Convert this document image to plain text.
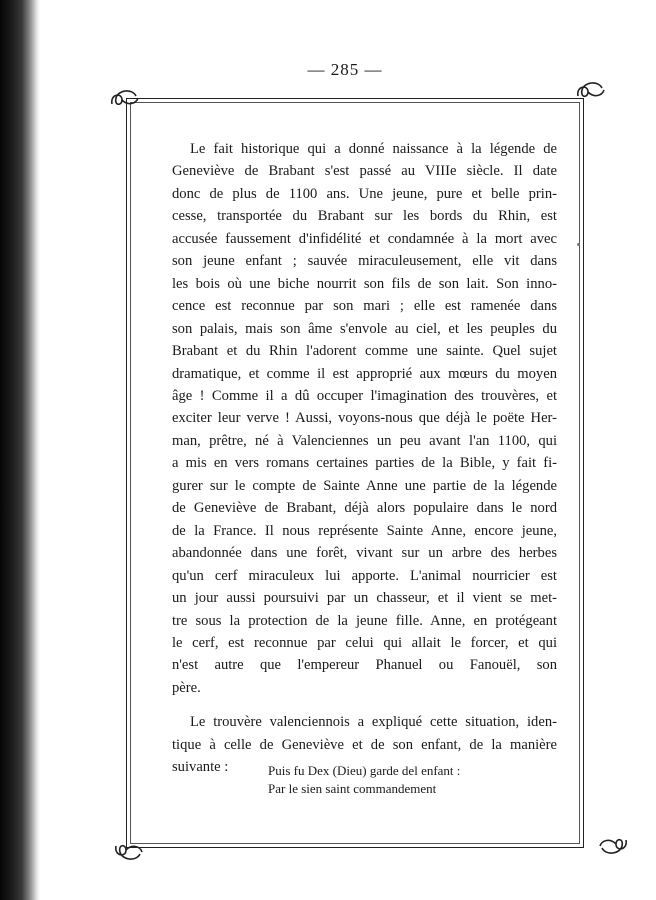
— 285 —
Le fait historique qui a donné naissance à la légende de
Geneviève de Brabant s'est passé au VIIIe siècle. Il date
donc de plus de 1100 ans. Une jeune, pure et belle prin-
cesse, transportée du Brabant sur les bords du Rhin, est
accusée faussement d'infidélité et condamnée à la mort avec
son jeune enfant ; sauvée miraculeusement, elle vit dans
les bois où une biche nourrit son fils de son lait. Son inno-
cence est reconnue par son mari ; elle est ramenée dans
son palais, mais son âme s'envole au ciel, et les peuples du
Brabant et du Rhin l'adorent comme une sainte. Quel sujet
dramatique, et comme il est approprié aux mœurs du moyen
âge ! Comme il a dû occuper l'imagination des trouvères, et
exciter leur verve ! Aussi, voyons-nous que déjà le poëte Her-
man, prêtre, né à Valenciennes un peu avant l'an 1100, qui
a mis en vers romans certaines parties de la Bible, y fait fi-
gurer sur le compte de Sainte Anne une partie de la légende
de Geneviève de Brabant, déjà alors populaire dans le nord
de la France. Il nous représente Sainte Anne, encore jeune,
abandonnée dans une forêt, vivant sur un arbre des herbes
qu'un cerf miraculeux lui apporte. L'animal nourricier est
un jour aussi poursuivi par un chasseur, et il vient se met-
tre sous la protection de la jeune fille. Anne, en protégeant
le cerf, est reconnue par celui qui allait le forcer, et qui
n'est autre que l'empereur Phanuel ou Fanouël, son
père.
Le trouvère valenciennois a expliqué cette situation, iden-
tique à celle de Geneviève et de son enfant, de la manière
suivante :	Puis fu Dex (Dieu) garde del enfant :
Par le sien saint commandement
